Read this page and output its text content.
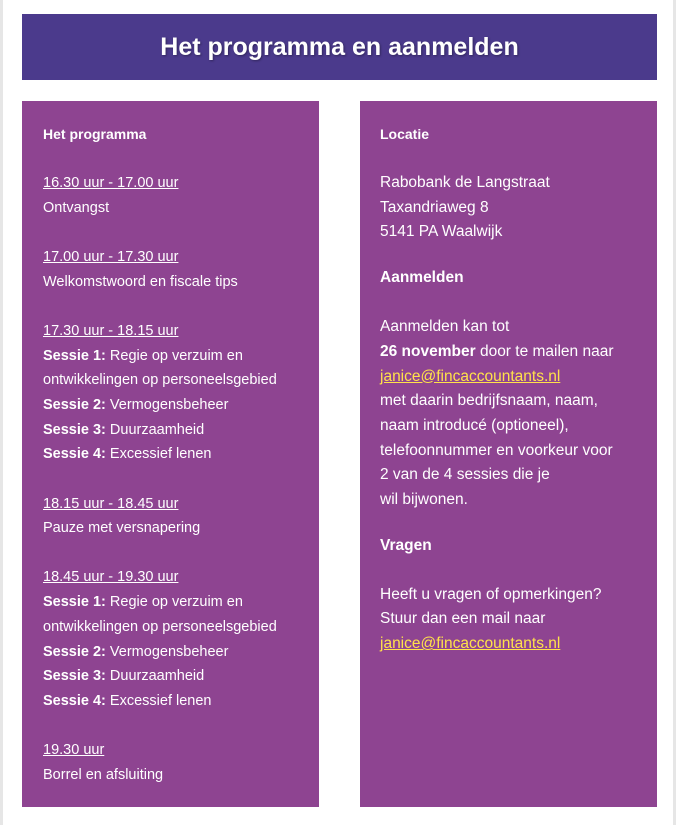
Het programma en aanmelden
Het programma
16.30 uur - 17.00 uur
Ontvangst
17.00 uur - 17.30 uur
Welkomstwoord en fiscale tips
17.30 uur - 18.15 uur
Sessie 1: Regie op verzuim en
ontwikkelingen op personeelsgebied
Sessie 2: Vermogensbeheer
Sessie 3: Duurzaamheid
Sessie 4: Excessief lenen
18.15 uur - 18.45 uur
Pauze met versnapering
18.45 uur - 19.30 uur
Sessie 1: Regie op verzuim en
ontwikkelingen op personeelsgebied
Sessie 2: Vermogensbeheer
Sessie 3: Duurzaamheid
Sessie 4: Excessief lenen
19.30 uur
Borrel en afsluiting
Locatie
Rabobank de Langstraat
Taxandriaweg 8
5141 PA Waalwijk
Aanmelden
Aanmelden kan tot
26 november door te mailen naar
janice@fincaccountants.nl
met daarin bedrijfsnaam, naam,
naam introducé (optioneel),
telefoonnummer en voorkeur voor
2 van de 4 sessies die je
wil bijwonen.
Vragen
Heeft u vragen of opmerkingen?
Stuur dan een mail naar
janice@fincaccountants.nl
